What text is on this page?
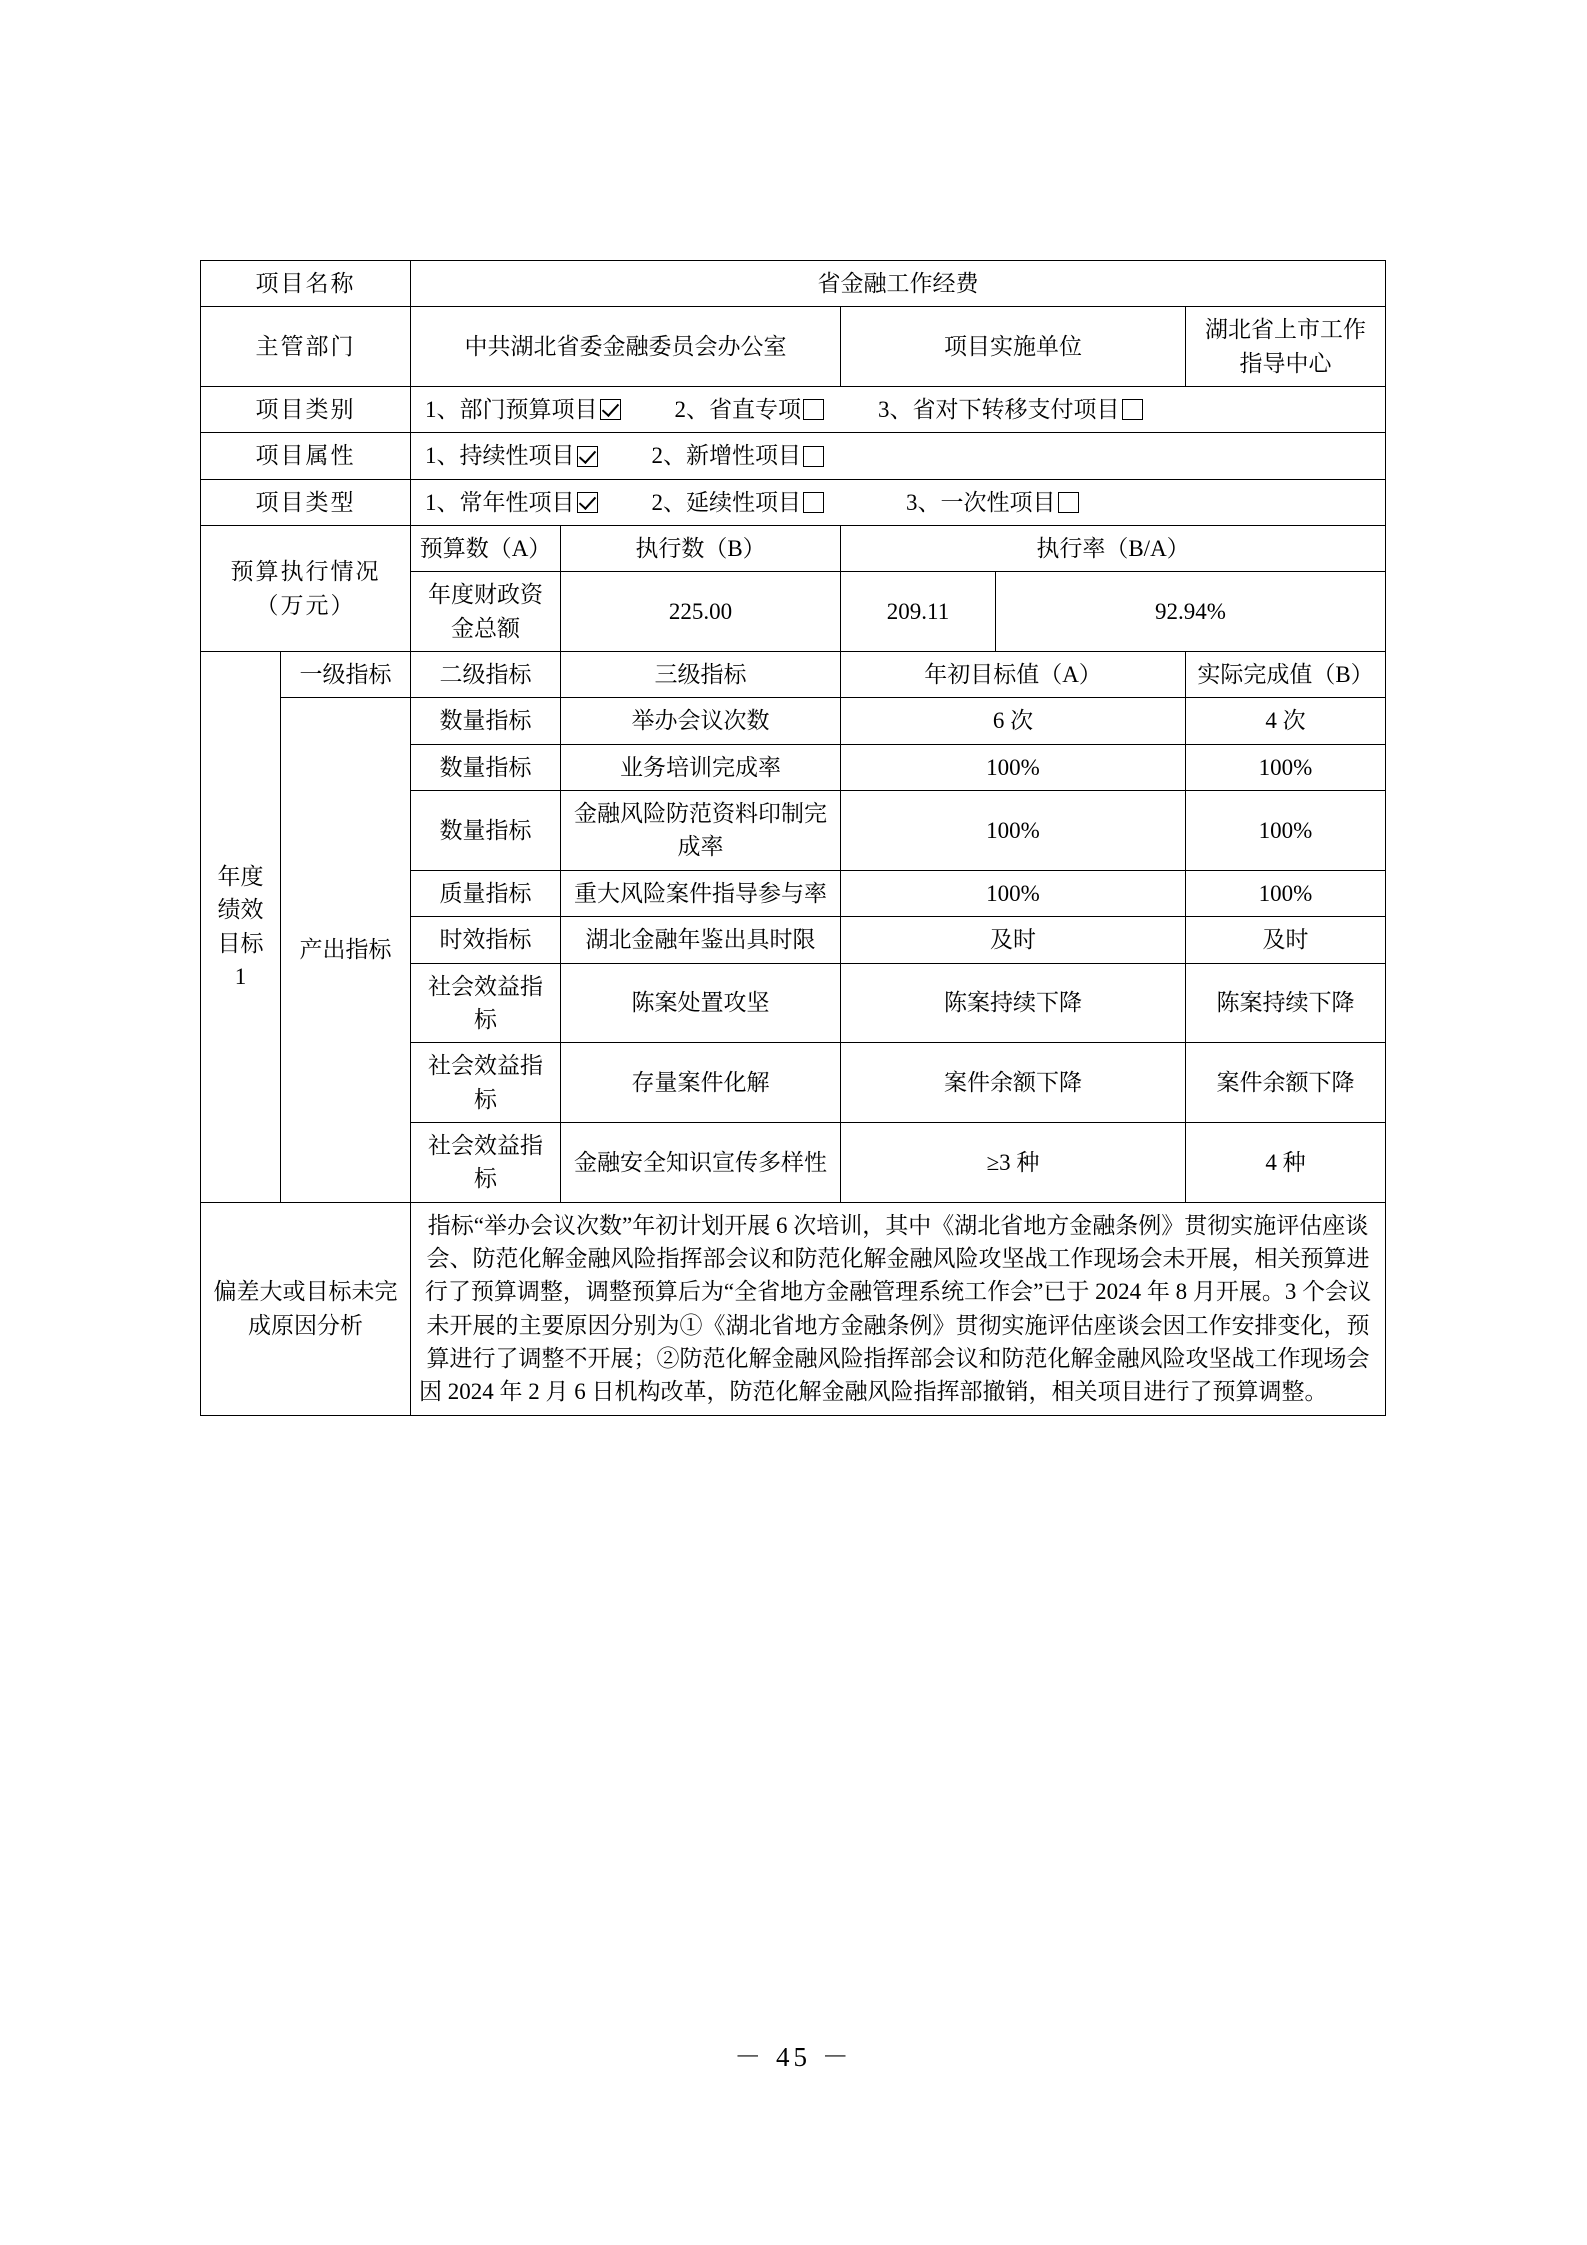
项目名称		省金融工作经费				
主管部门		中共湖北省委金融委员会办公室		项目实施单位		湖北省上市工作指导中心
项目类别		1、部门预算项目 2、省直专项 3、省对下转移支付项目				

项目属性		1、持续性项目 2、新增性项目				

项目类型		1、常年性项目 2、延续性项目 3、一次性项目				

预算执行情况（万元）		预算数（A）	执行数（B）	执行率（B/A）		
		年度财政资金总额	225.00	209.11	92.94%	
年度绩效目标 1	一级指标	二级指标	三级指标	年初目标值（A）		实际完成值（B）
	产出指标	数量指标	举办会议次数	6 次		4 次
		数量指标	业务培训完成率	100%		100%
		数量指标	金融风险防范资料印制完成率	100%		100%
		质量指标	重大风险案件指导参与率	100%		100%
		时效指标	湖北金融年鉴出具时限	及时		及时
		社会效益指标	陈案处置攻坚	陈案持续下降		陈案持续下降
		社会效益指标	存量案件化解	案件余额下降		案件余额下降
		社会效益指标	金融安全知识宣传多样性	≥3 种		4 种
偏差大或目标未完成原因分析		指标“举办会议次数”年初计划开展 6 次培训，其中《湖北省地方金融条例》贯彻实施评估座谈会、防范化解金融风险指挥部会议和防范化解金融风险攻坚战工作现场会未开展，相关预算进行了预算调整，调整预算后为“全省地方金融管理系统工作会”已于 2024 年 8 月开展。3 个会议未开展的主要原因分别为①《湖北省地方金融条例》贯彻实施评估座谈会因工作安排变化，预算进行了调整不开展；②防范化解金融风险指挥部会议和防范化解金融风险攻坚战工作现场会因 2024 年 2 月 6 日机构改革，防范化解金融风险指挥部撤销，相关项目进行了预算调整。				
－ 45 －
